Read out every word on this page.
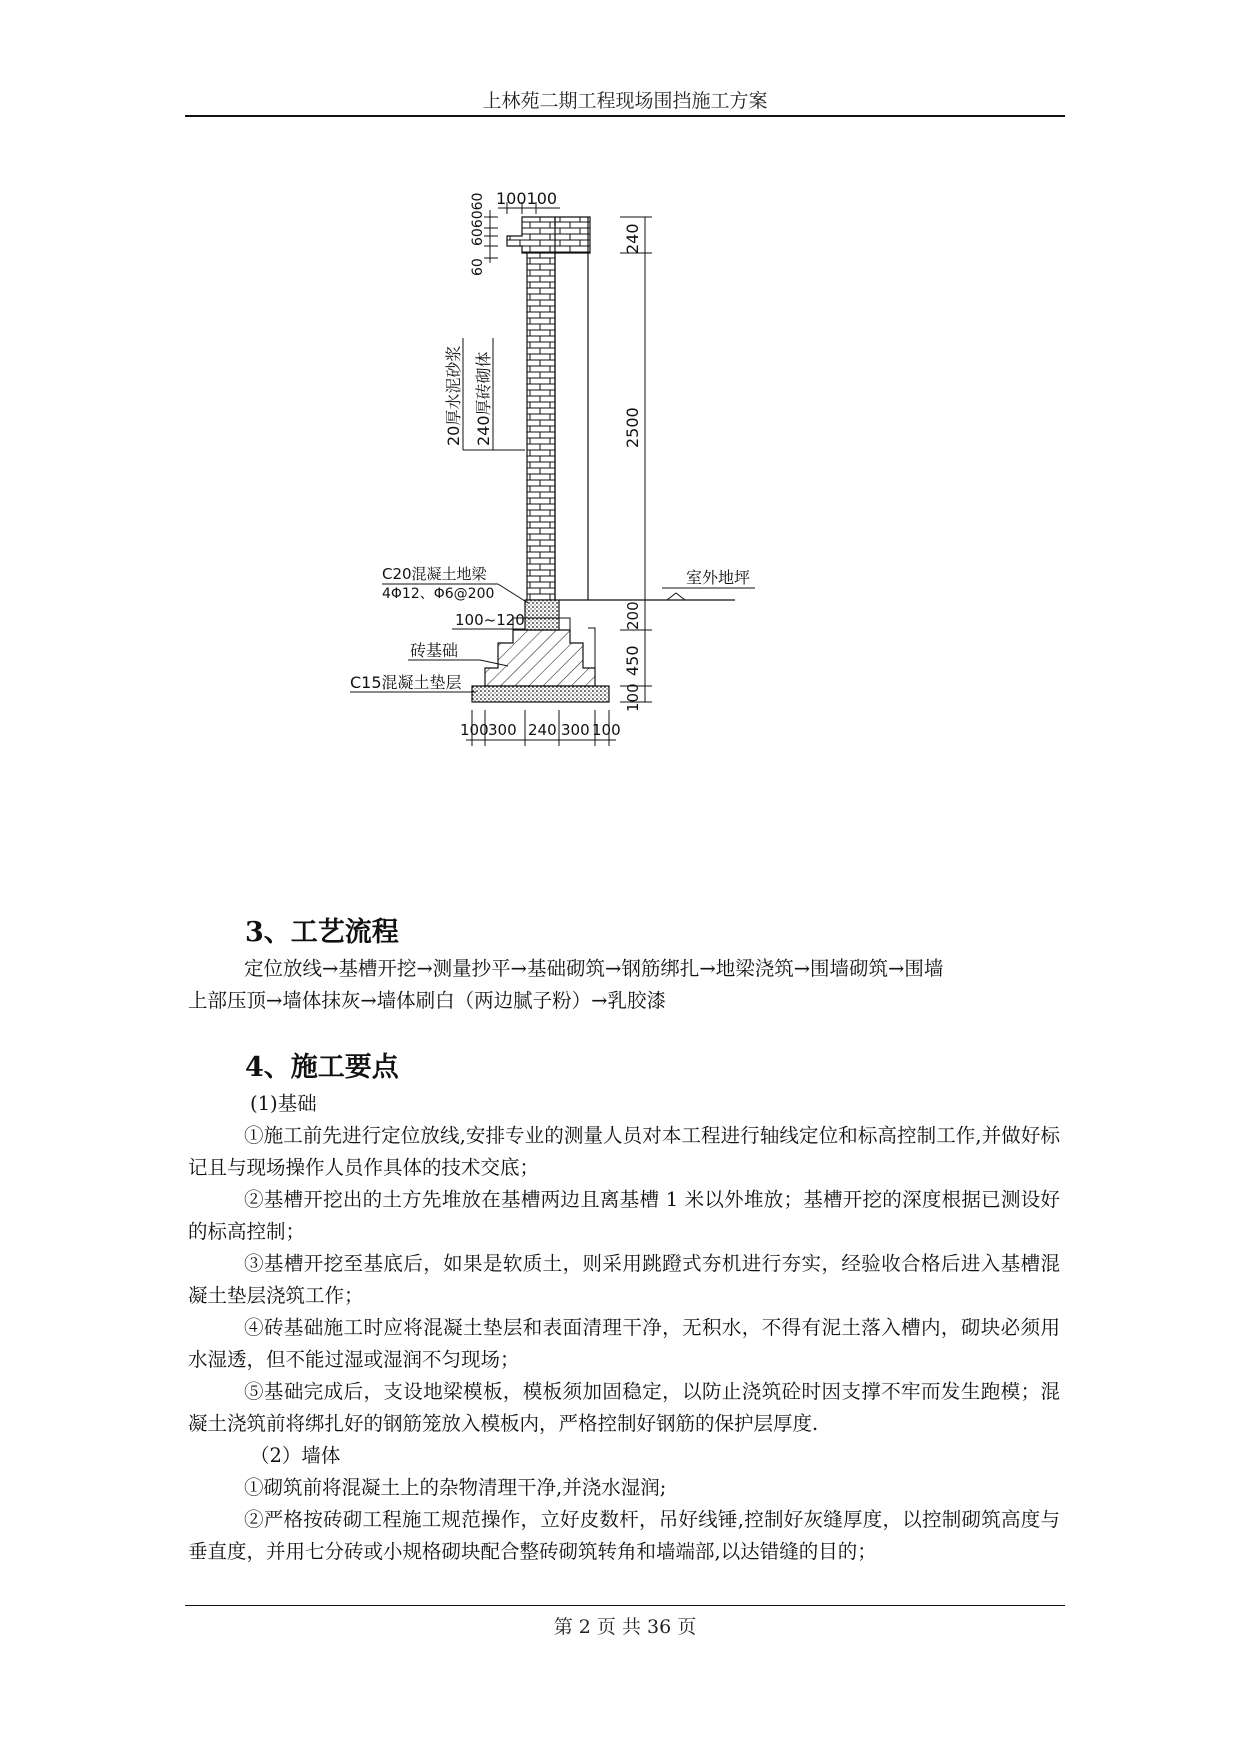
上林苑二期工程现场围挡施工方案
室外地坪
240
2500
200
450
100
100100
606060
60
20厚水泥砂浆 240厚砖砌体
C20混凝土地梁
4Φ12、Φ6@200
100~120
砖基础
C15混凝土垫层
100 300 240 300 100
3、工艺流程

定位放线→基槽开挖→测量抄平→基础砌筑→钢筋绑扎→地梁浇筑→围墙砌筑→围墙

上部压顶→墙体抹灰→墙体刷白（两边腻子粉）→乳胶漆

4、施工要点

(1)基础

①施工前先进行定位放线,安排专业的测量人员对本工程进行轴线定位和标高控制工作,并做好标记且与现场操作人员作具体的技术交底；

②基槽开挖出的土方先堆放在基槽两边且离基槽 1 米以外堆放；基槽开挖的深度根据已测设好的标高控制；

③基槽开挖至基底后，如果是软质土，则采用跳蹬式夯机进行夯实，经验收合格后进入基槽混凝土垫层浇筑工作；

④砖基础施工时应将混凝土垫层和表面清理干净，无积水，不得有泥土落入槽内，砌块必须用水湿透，但不能过湿或湿润不匀现场；

⑤基础完成后，支设地梁模板，模板须加固稳定，以防止浇筑砼时因支撑不牢而发生跑模；混凝土浇筑前将绑扎好的钢筋笼放入模板内，严格控制好钢筋的保护层厚度.

（2）墙体

①砌筑前将混凝土上的杂物清理干净,并浇水湿润;

②严格按砖砌工程施工规范操作，立好皮数杆，吊好线锤,控制好灰缝厚度，以控制砌筑高度与垂直度，并用七分砖或小规格砌块配合整砖砌筑转角和墙端部,以达错缝的目的；

第 2 页 共 36 页
